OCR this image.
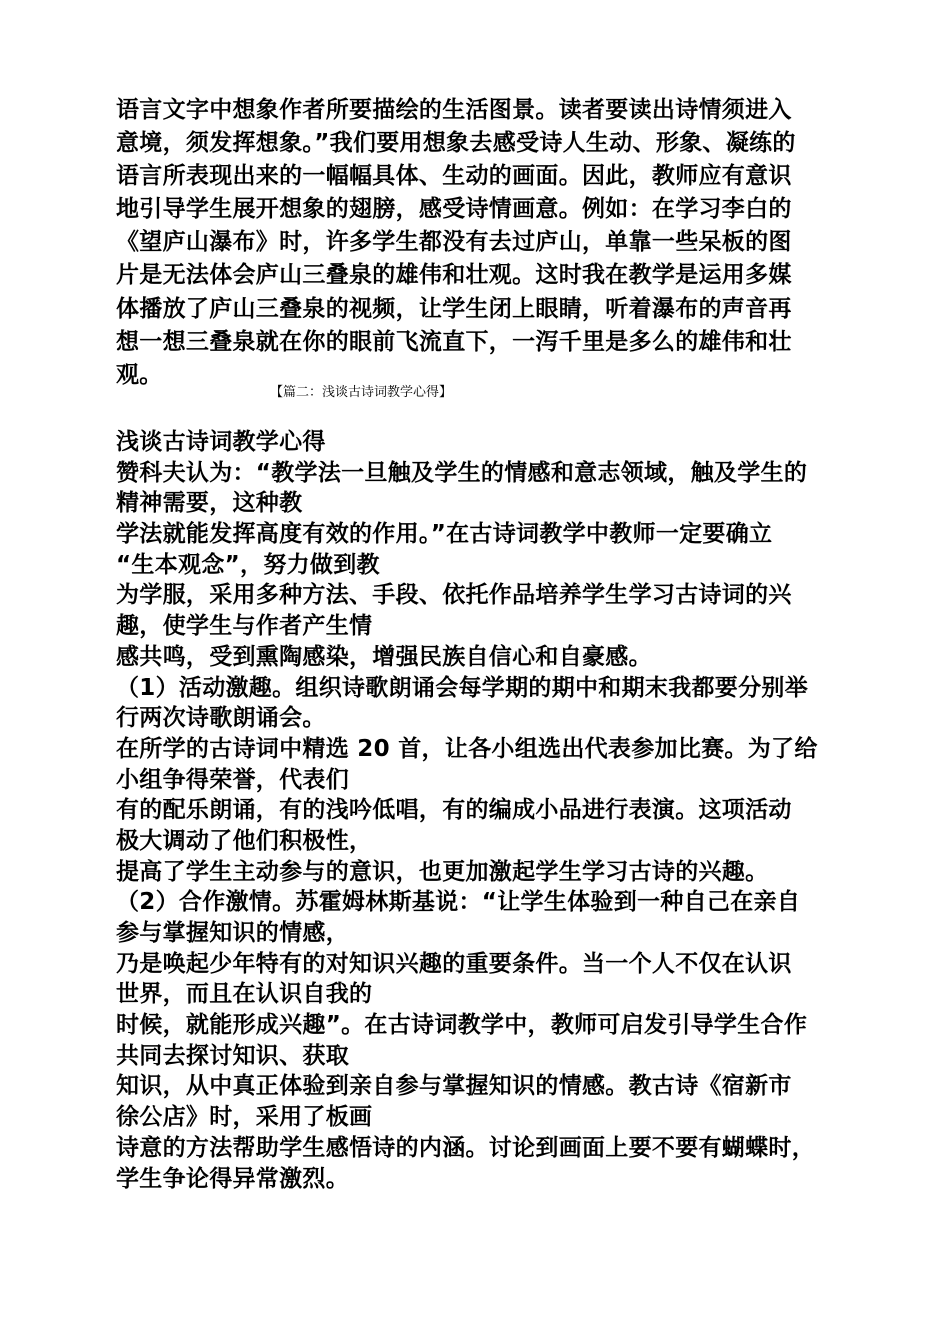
语言文字中想象作者所要描绘的生活图景。读者要读出诗情须进入
意境，须发挥想象。”我们要用想象去感受诗人生动、形象、凝练的
语言所表现出来的一幅幅具体、生动的画面。因此，教师应有意识
地引导学生展开想象的翅膀，感受诗情画意。例如：在学习李白的
《望庐山瀑布》时，许多学生都没有去过庐山，单靠一些呆板的图
片是无法体会庐山三叠泉的雄伟和壮观。这时我在教学是运用多媒
体播放了庐山三叠泉的视频，让学生闭上眼睛，听着瀑布的声音再
想一想三叠泉就在你的眼前飞流直下，一泻千里是多么的雄伟和壮
观。
【篇二：浅谈古诗词教学心得】
浅谈古诗词教学心得
赞科夫认为：“教学法一旦触及学生的情感和意志领域，触及学生的
精神需要，这种教
学法就能发挥高度有效的作用。”在古诗词教学中教师一定要确立
“生本观念”，努力做到教
为学服，采用多种方法、手段、依托作品培养学生学习古诗词的兴
趣，使学生与作者产生情
感共鸣，受到熏陶感染，增强民族自信心和自豪感。
（1）活动激趣。组织诗歌朗诵会每学期的期中和期末我都要分别举
行两次诗歌朗诵会。
在所学的古诗词中精选 20 首，让各小组选出代表参加比赛。为了给
小组争得荣誉，代表们
有的配乐朗诵，有的浅吟低唱，有的编成小品进行表演。这项活动
极大调动了他们积极性，
提高了学生主动参与的意识，也更加激起学生学习古诗的兴趣。
（2）合作激情。苏霍姆林斯基说：“让学生体验到一种自己在亲自
参与掌握知识的情感，
乃是唤起少年特有的对知识兴趣的重要条件。当一个人不仅在认识
世界，而且在认识自我的
时候，就能形成兴趣”。在古诗词教学中，教师可启发引导学生合作
共同去探讨知识、获取
知识，从中真正体验到亲自参与掌握知识的情感。教古诗《宿新市
徐公店》时，采用了板画
诗意的方法帮助学生感悟诗的内涵。讨论到画面上要不要有蝴蝶时，
学生争论得异常激烈。
